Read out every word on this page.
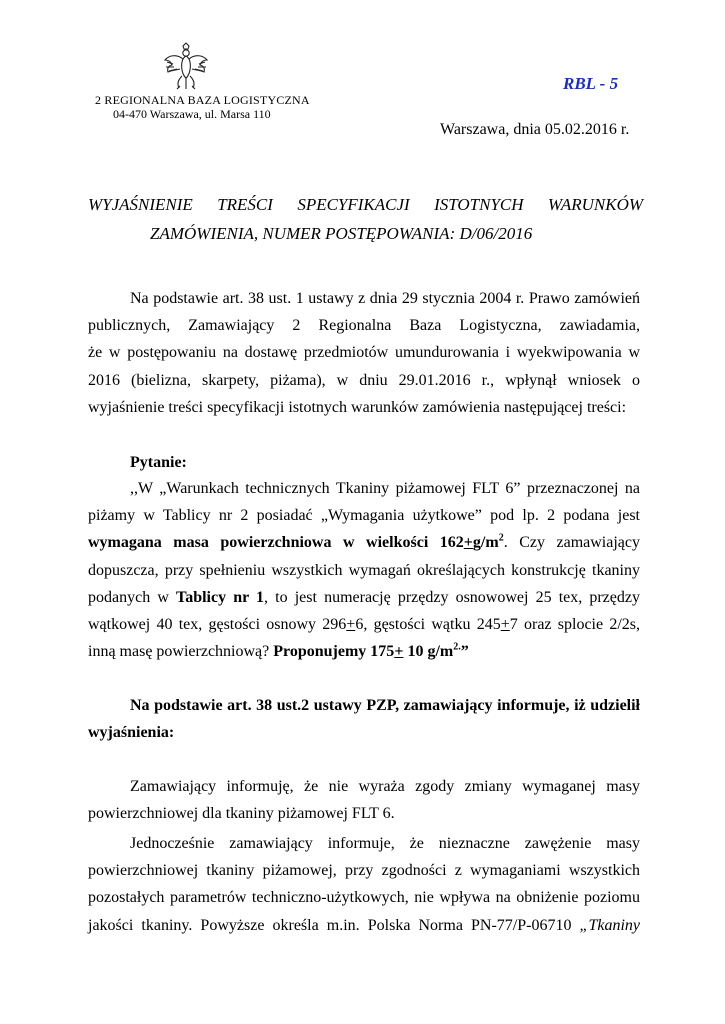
2 REGIONALNA BAZA LOGISTYCZNA
04-470 Warszawa, ul. Marsa 110
RBL - 5
Warszawa, dnia 05.02.2016 r.
WYJAŚNIENIE TREŚCI SPECYFIKACJI ISTOTNYCH WARUNKÓW
ZAMÓWIENIA, NUMER POSTĘPOWANIA: D/06/2016
Na podstawie art. 38 ust. 1 ustawy z dnia 29 stycznia 2004 r. Prawo zamówień
publicznych, Zamawiający 2 Regionalna Baza Logistyczna, zawiadamia,
że w postępowaniu na dostawę przedmiotów umundurowania i wyekwipowania w
2016 (bielizna, skarpety, piżama), w dniu 29.01.2016 r., wpłynął wniosek o
wyjaśnienie treści specyfikacji istotnych warunków zamówienia następującej treści:
Pytanie:
,,W „Warunkach technicznych Tkaniny piżamowej FLT 6” przeznaczonej na
piżamy w Tablicy nr 2 posiadać „Wymagania użytkowe” pod lp. 2 podana jest
wymagana masa powierzchniowa w wielkości $162+g/m^2$. Czy zamawiający
dopuszcza, przy spełnieniu wszystkich wymagań określających konstrukcję tkaniny
podanych w Tablicy nr 1, to jest numerację przędzy osnowowej 25 tex, przędzy
wątkowej 40 tex, gęstości osnowy 296+6, gęstości wątku 245+7 oraz splocie 2/2s,
inną masę powierzchniową? Proponujemy 175+ 10 $g/m^{2.}$”
Na podstawie art. 38 ust.2 ustawy PZP, zamawiający informuje, iż udzielił
wyjaśnienia:
Zamawiający informuję, że nie wyraża zgody zmiany wymaganej masy
powierzchniowej dla tkaniny piżamowej FLT 6.
Jednocześnie zamawiający informuje, że nieznaczne zawężenie masy
powierzchniowej tkaniny piżamowej, przy zgodności z wymaganiami wszystkich
pozostałych parametrów techniczno-użytkowych, nie wpływa na obniżenie poziomu
jakości tkaniny. Powyższe określa m.in. Polska Norma PN-77/P-06710 „Tkaniny
